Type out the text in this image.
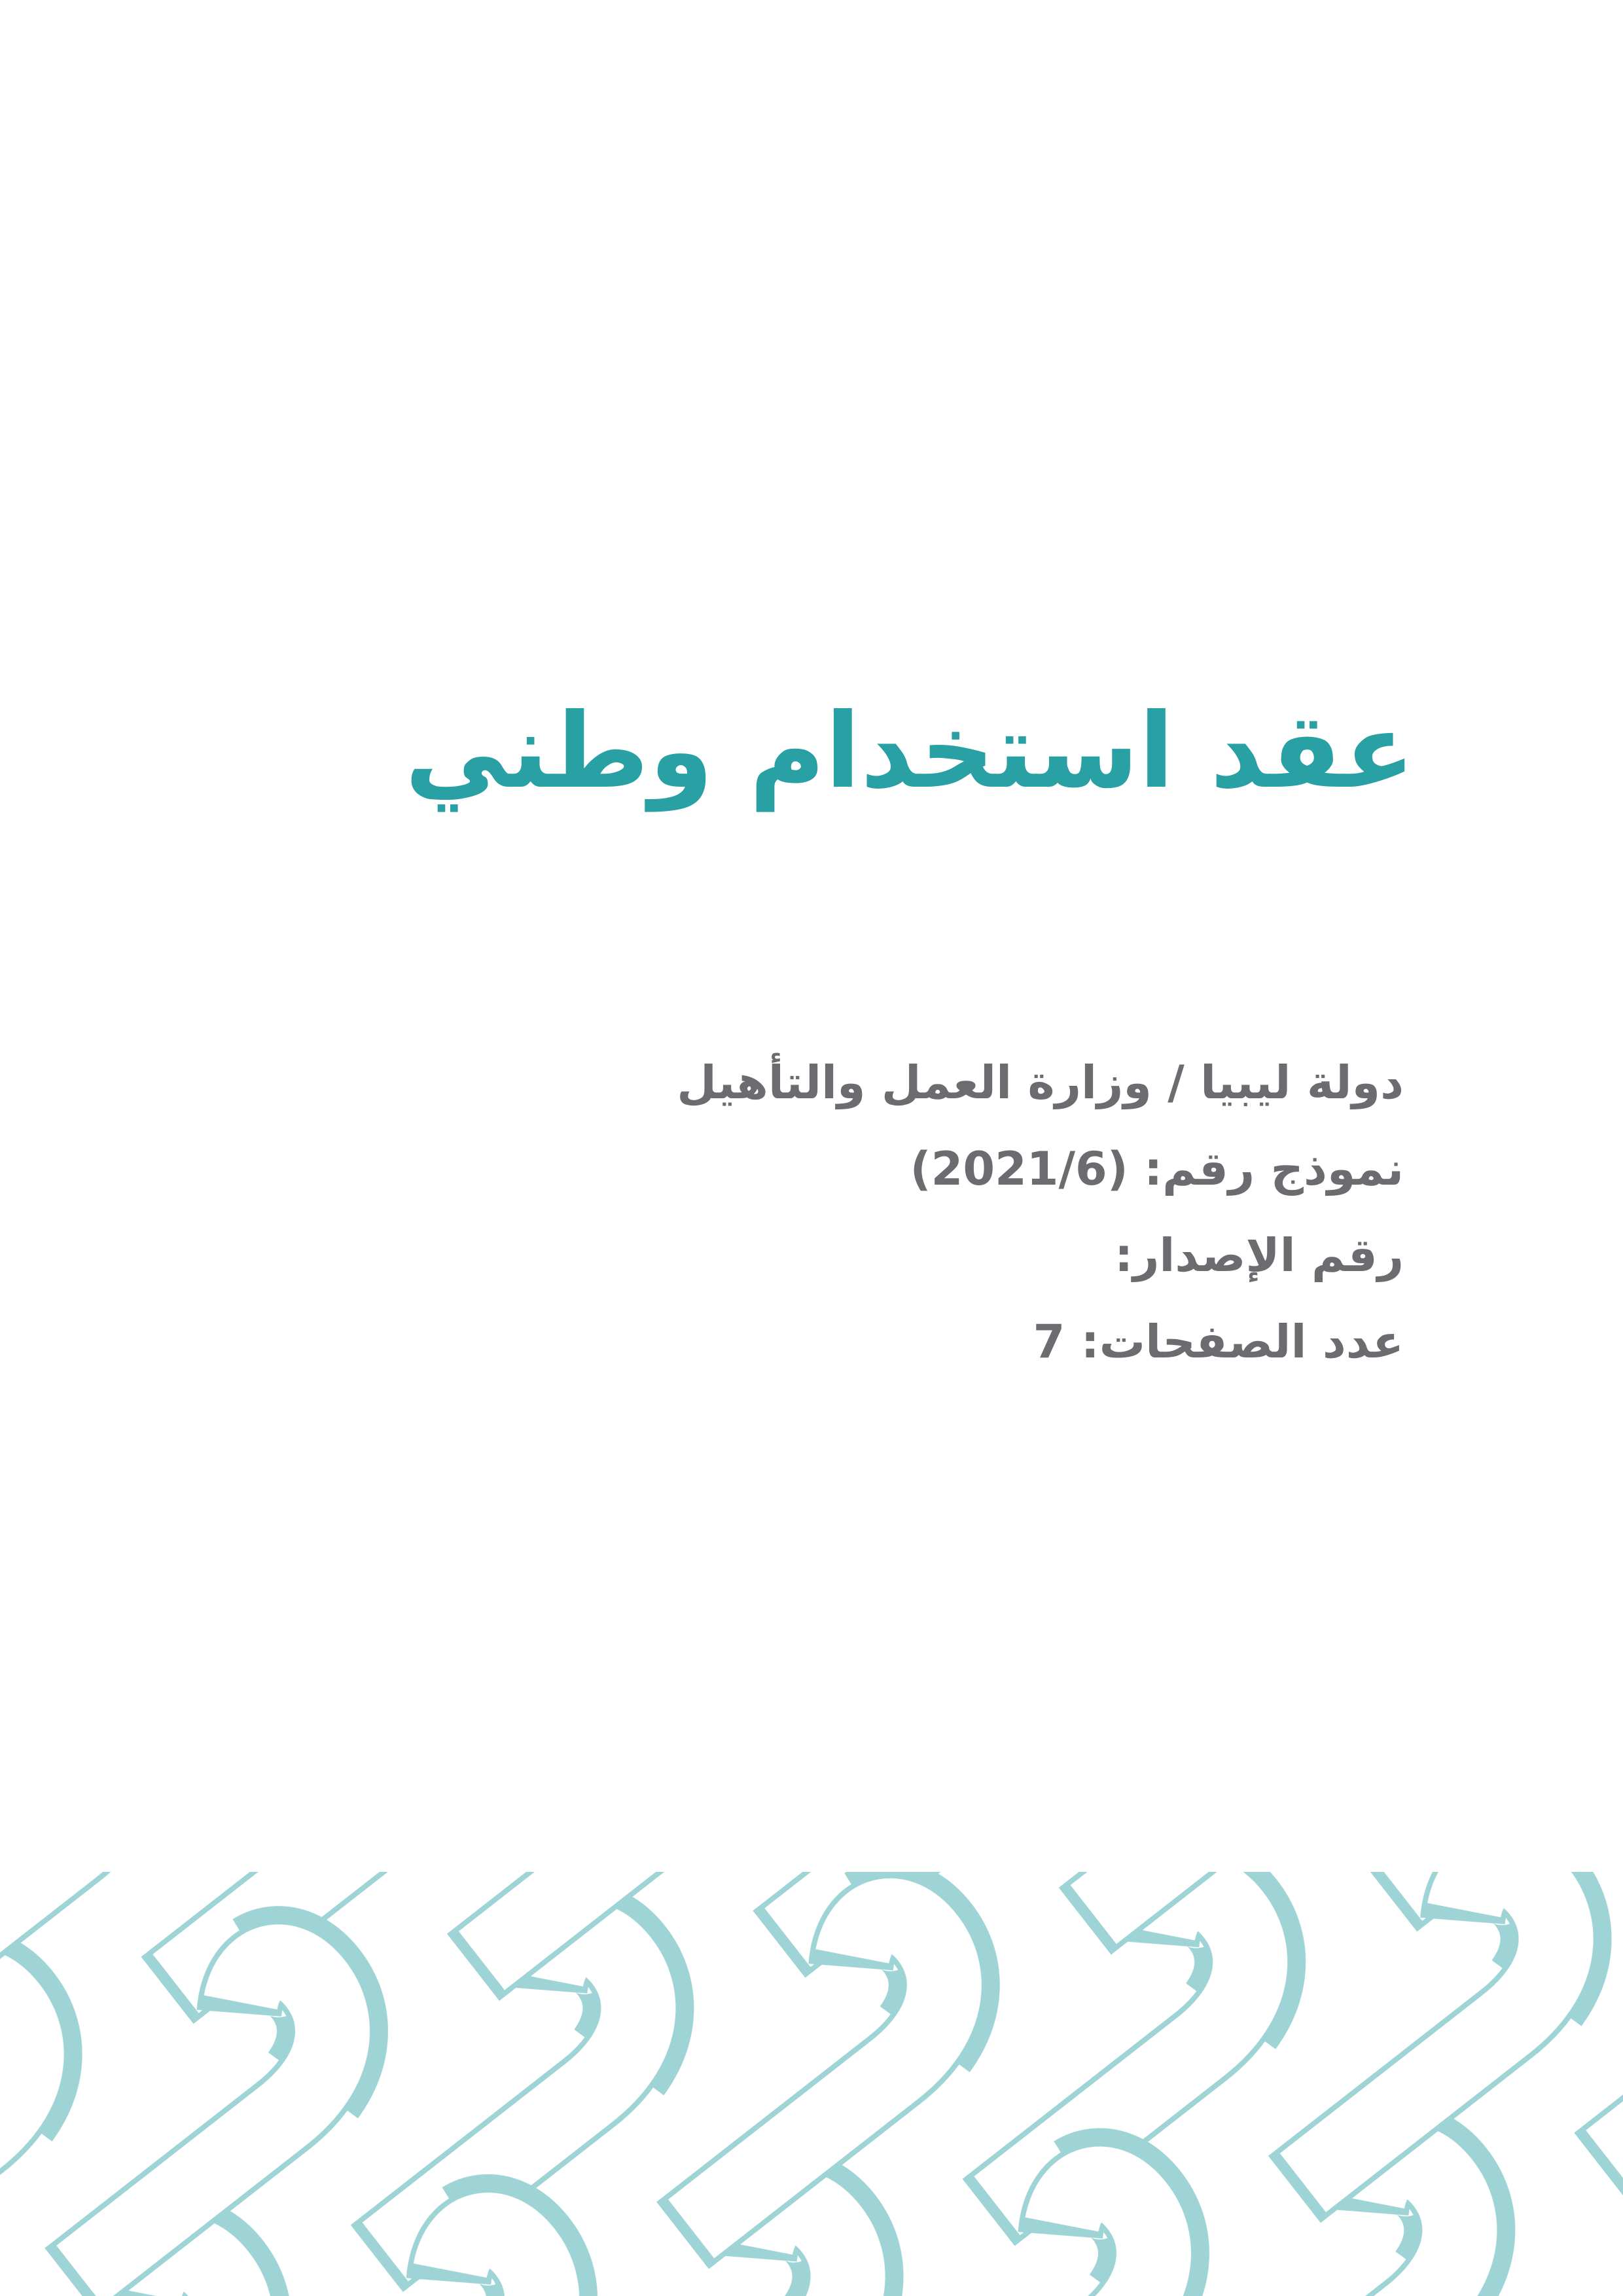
عقد استخدام وطني
دولة ليبيا / وزارة العمل والتأهيل
نموذج رقم: (2021/6)
رقم الإصدار:
عدد الصفحات: 7
